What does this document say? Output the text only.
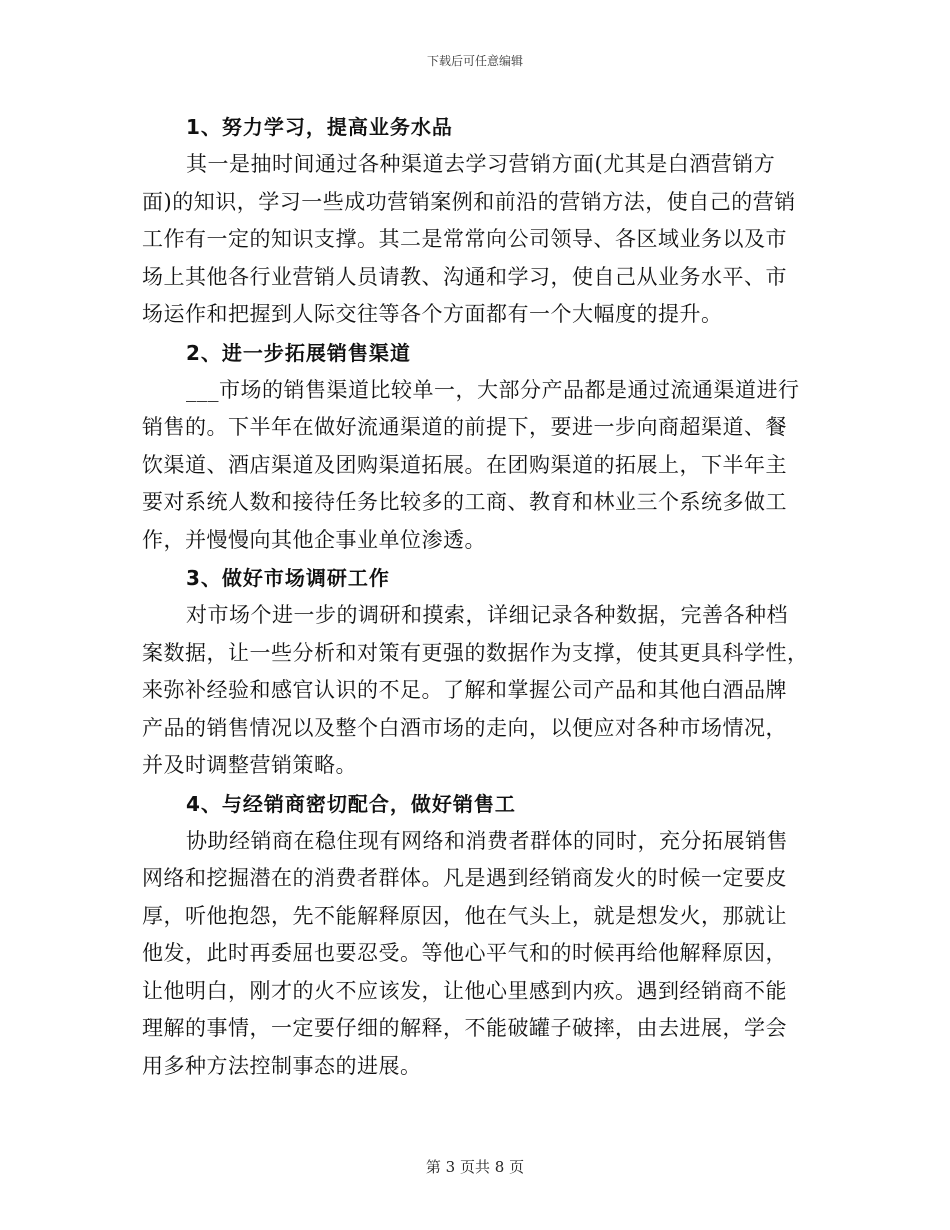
下载后可任意编辑
1、努力学习，提高业务水品
其一是抽时间通过各种渠道去学习营销方面(尤其是白酒营销方
面)的知识，学习一些成功营销案例和前沿的营销方法，使自己的营销
工作有一定的知识支撑。其二是常常向公司领导、各区域业务以及市
场上其他各行业营销人员请教、沟通和学习，使自己从业务水平、市
场运作和把握到人际交往等各个方面都有一个大幅度的提升。
2、进一步拓展销售渠道
___市场的销售渠道比较单一，大部分产品都是通过流通渠道进行
销售的。下半年在做好流通渠道的前提下，要进一步向商超渠道、餐
饮渠道、酒店渠道及团购渠道拓展。在团购渠道的拓展上，下半年主
要对系统人数和接待任务比较多的工商、教育和林业三个系统多做工
作，并慢慢向其他企事业单位渗透。
3、做好市场调研工作
对市场个进一步的调研和摸索，详细记录各种数据，完善各种档
案数据，让一些分析和对策有更强的数据作为支撑，使其更具科学性，
来弥补经验和感官认识的不足。了解和掌握公司产品和其他白酒品牌
产品的销售情况以及整个白酒市场的走向，以便应对各种市场情况，
并及时调整营销策略。
4、与经销商密切配合，做好销售工
协助经销商在稳住现有网络和消费者群体的同时，充分拓展销售
网络和挖掘潜在的消费者群体。凡是遇到经销商发火的时候一定要皮
厚，听他抱怨，先不能解释原因，他在气头上，就是想发火，那就让
他发，此时再委屈也要忍受。等他心平气和的时候再给他解释原因，
让他明白，刚才的火不应该发，让他心里感到内疚。遇到经销商不能
理解的事情，一定要仔细的解释，不能破罐子破摔，由去进展，学会
用多种方法控制事态的进展。
第 3 页共 8 页
